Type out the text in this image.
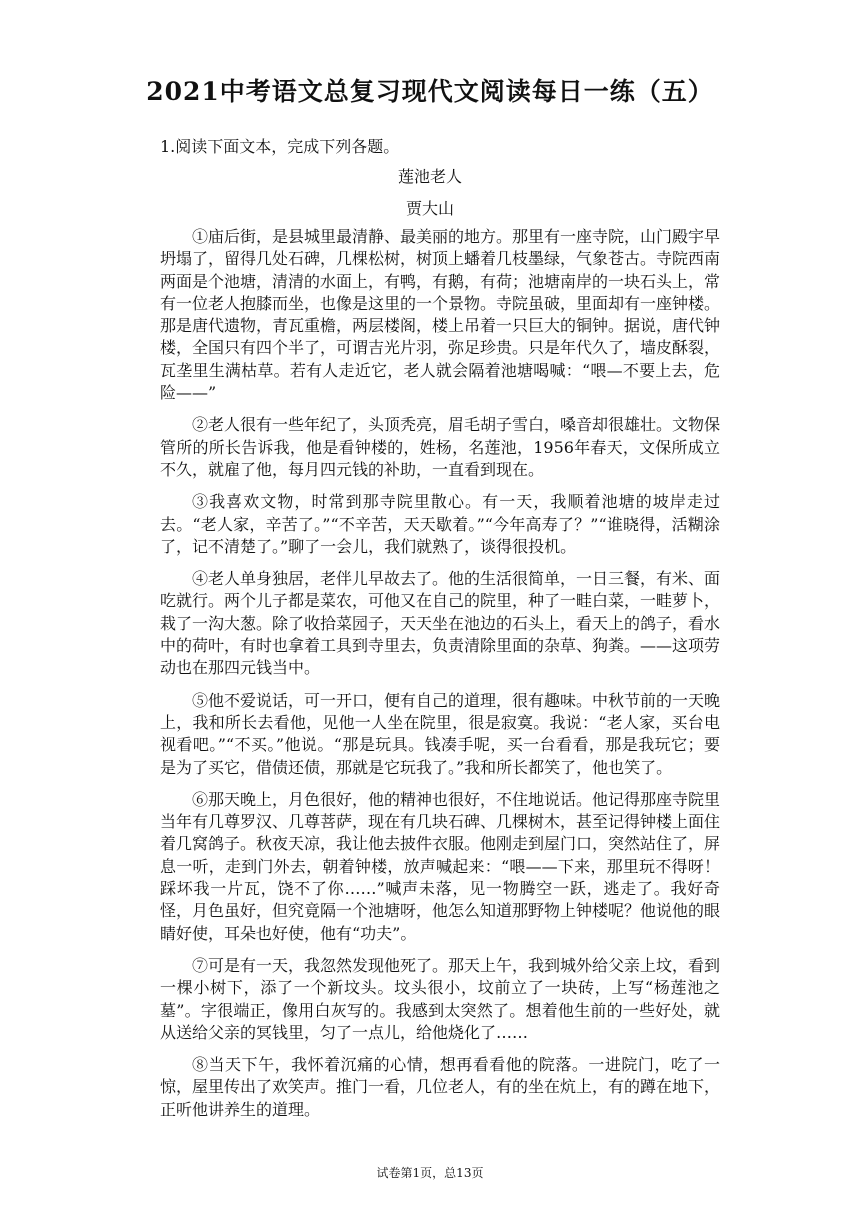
2021中考语文总复习现代文阅读每日一练（五）
1.阅读下面文本，完成下列各题。
莲池老人
贾大山

①庙后街，是县城里最清静、最美丽的地方。那里有一座寺院，山门殿宇早坍塌了，留得几处石碑，几棵松树，树顶上蟠着几枝墨绿，气象苍古。寺院西南两面是个池塘，清清的水面上，有鸭，有鹅，有荷；池塘南岸的一块石头上，常有一位老人抱膝而坐，也像是这里的一个景物。寺院虽破，里面却有一座钟楼。那是唐代遗物，青瓦重檐，两层楼阁，楼上吊着一只巨大的铜钟。据说，唐代钟楼，全国只有四个半了，可谓吉光片羽，弥足珍贵。只是年代久了，墙皮酥裂，瓦垄里生满枯草。若有人走近它，老人就会隔着池塘喝喊：“喂—不要上去，危险——”

②老人很有一些年纪了，头顶秃亮，眉毛胡子雪白，嗓音却很雄壮。文物保管所的所长告诉我，他是看钟楼的，姓杨，名莲池，1956年春天，文保所成立不久，就雇了他，每月四元钱的补助，一直看到现在。

③我喜欢文物，时常到那寺院里散心。有一天，我顺着池塘的坡岸走过去。“老人家，辛苦了。”“不辛苦，天天歇着。”“今年高寿了？”“谁晓得，活糊涂了，记不清楚了。”聊了一会儿，我们就熟了，谈得很投机。

④老人单身独居，老伴儿早故去了。他的生活很简单，一日三餐，有米、面吃就行。两个儿子都是菜农，可他又在自己的院里，种了一畦白菜，一畦萝卜，栽了一沟大葱。除了收拾菜园子，天天坐在池边的石头上，看天上的鸽子，看水中的荷叶，有时也拿着工具到寺里去，负责清除里面的杂草、狗粪。——这项劳动也在那四元钱当中。

⑤他不爱说话，可一开口，便有自己的道理，很有趣味。中秋节前的一天晚上，我和所长去看他，见他一人坐在院里，很是寂寞。我说：“老人家，买台电视看吧。”“不买。”他说。“那是玩具。钱凑手呢，买一台看看，那是我玩它；要是为了买它，借债还债，那就是它玩我了。”我和所长都笑了，他也笑了。

⑥那天晚上，月色很好，他的精神也很好，不住地说话。他记得那座寺院里当年有几尊罗汉、几尊菩萨，现在有几块石碑、几棵树木，甚至记得钟楼上面住着几窝鸽子。秋夜天凉，我让他去披件衣服。他刚走到屋门口，突然站住了，屏息一听，走到门外去，朝着钟楼，放声喊起来：“喂——下来，那里玩不得呀！踩坏我一片瓦，饶不了你……”喊声未落，见一物腾空一跃，逃走了。我好奇怪，月色虽好，但究竟隔一个池塘呀，他怎么知道那野物上钟楼呢？他说他的眼睛好使，耳朵也好使，他有“功夫”。

⑦可是有一天，我忽然发现他死了。那天上午，我到城外给父亲上坟，看到一棵小树下，添了一个新坟头。坟头很小，坟前立了一块砖，上写“杨莲池之墓”。字很端正，像用白灰写的。我感到太突然了。想着他生前的一些好处，就从送给父亲的冥钱里，匀了一点儿，给他烧化了……

⑧当天下午，我怀着沉痛的心情，想再看看他的院落。一进院门，吃了一惊，屋里传出了欢笑声。推门一看，几位老人，有的坐在炕上，有的蹲在地下，正听他讲养生的道理。

试卷第1页，总13页
